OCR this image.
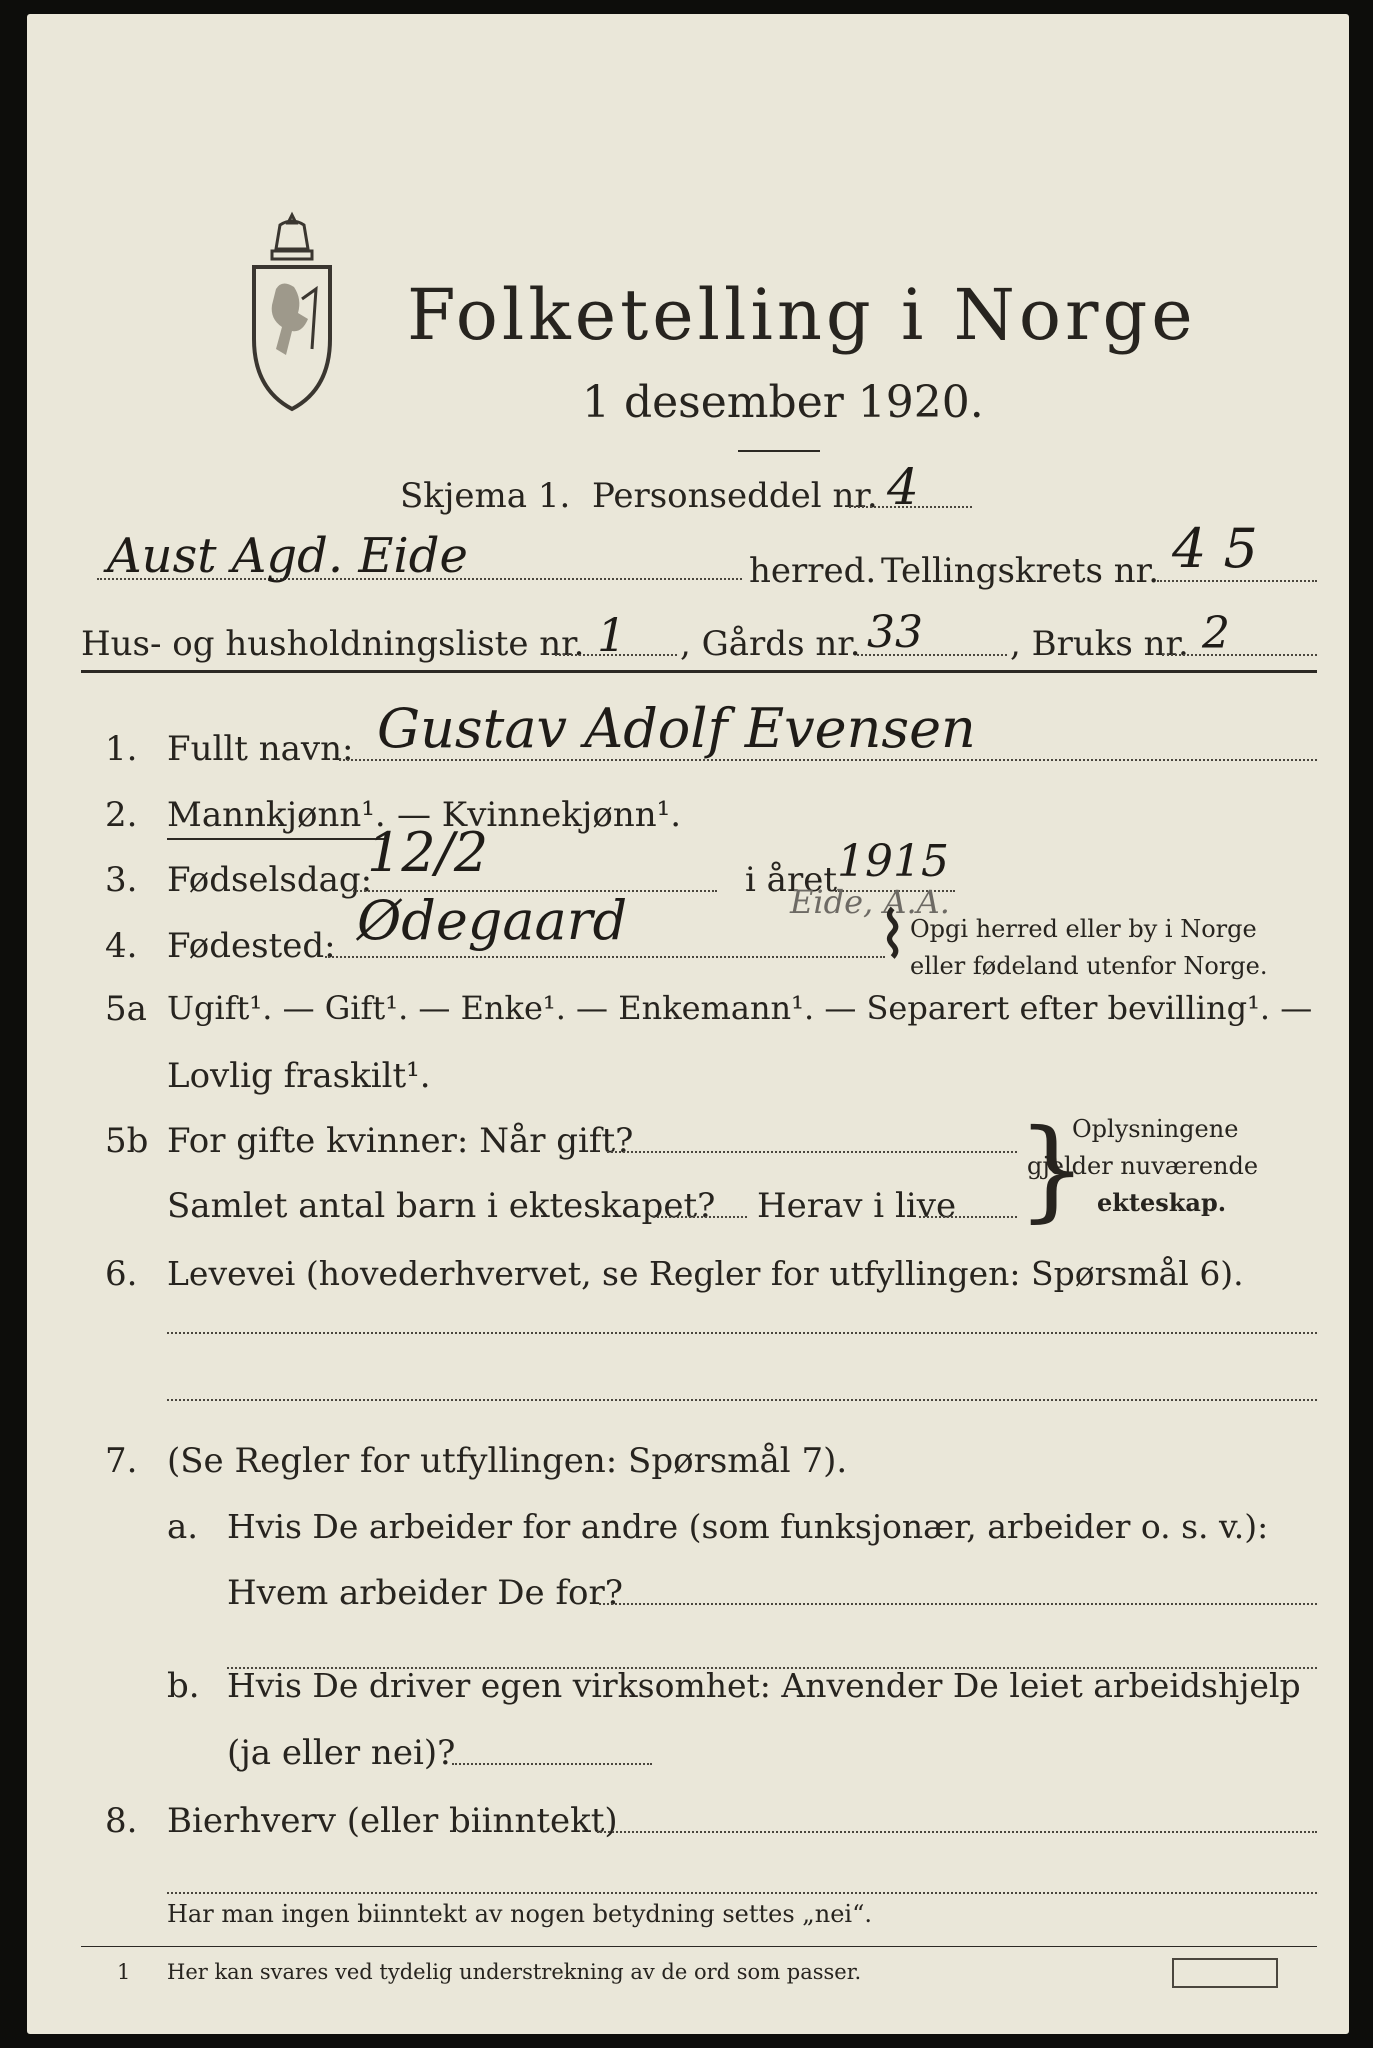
Folketelling i Norge
1 desember 1920.
Skjema 1. Personseddel nr. 4
Aust Agd. Eide	herred. Tellingskrets nr. 4 5
Hus- og husholdningsliste nr. 1 , Gårds nr. 33	, Bruks nr. 2
1. Fullt navn: Gustav Adolf Evensen
2. Mannkjønn¹. — Kvinnekjønn¹.
3. Fødselsdag:
12/2	i året 1915
4. Fødested: Ødegaard	Eide, A.A.
⌇ Opgi herred eller by i Norge
eller fødeland utenfor Norge.
5a Ugift¹. — Gift¹. — Enke¹. — Enkemann¹. — Separert efter bevilling¹. —
Lovlig fraskilt¹.
5b For gifte kvinner: Når gift?
Samlet antal barn i ekteskapet? Herav i live }
Oplysningene
gjelder nuværende
ekteskap.
6. Levevei (hovederhvervet, se Regler for utfyllingen: Spørsmål 6).
7. (Se Regler for utfyllingen: Spørsmål 7).
a. Hvis De arbeider for andre (som funksjonær, arbeider o. s. v.):
Hvem arbeider De for?
b. Hvis De driver egen virksomhet: Anvender De leiet arbeidshjelp
(ja eller nei)?
8. Bierhverv (eller biinntekt)
Har man ingen biinntekt av nogen betydning settes „nei“.
1 Her kan svares ved tydelig understrekning av de ord som passer.
